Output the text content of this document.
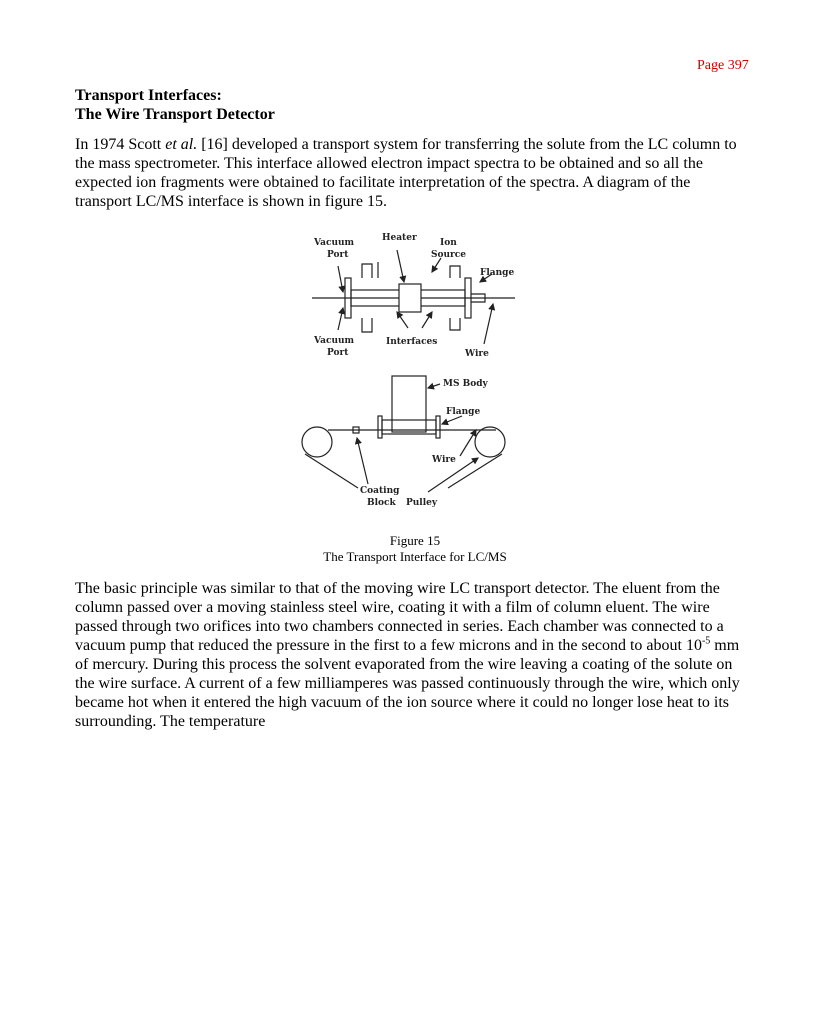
Page 397
Transport Interfaces:
The Wire Transport Detector
In 1974 Scott et al. [16] developed a transport system for transferring the solute from the LC column to the mass spectrometer. This interface allowed electron impact spectra to be obtained and so all the expected ion fragments were obtained to facilitate interpretation of the spectra. A diagram of the transport LC/MS interface is shown in figure 15.
Vacuum
Port
Heater	Ion
Source
Flange
Vacuum
Port
Interfaces
Wire
MS Body
Flange
Wire
Coating
Block Pulley
Figure 15
The Transport Interface for LC/MS
The basic principle was similar to that of the moving wire LC transport detector. The eluent from the column passed over a moving stainless steel wire, coating it with a film of column eluent. The wire passed through two orifices into two chambers connected in series. Each chamber was connected to a vacuum pump that reduced the pressure in the first to a few microns and in the second to about $10^{-5}$ mm of mercury. During this process the solvent evaporated from the wire leaving a coating of the solute on the wire surface. A current of a few milliamperes was passed continuously through the wire, which only became hot when it entered the high vacuum of the ion source where it could no longer lose heat to its surrounding. The temperature
